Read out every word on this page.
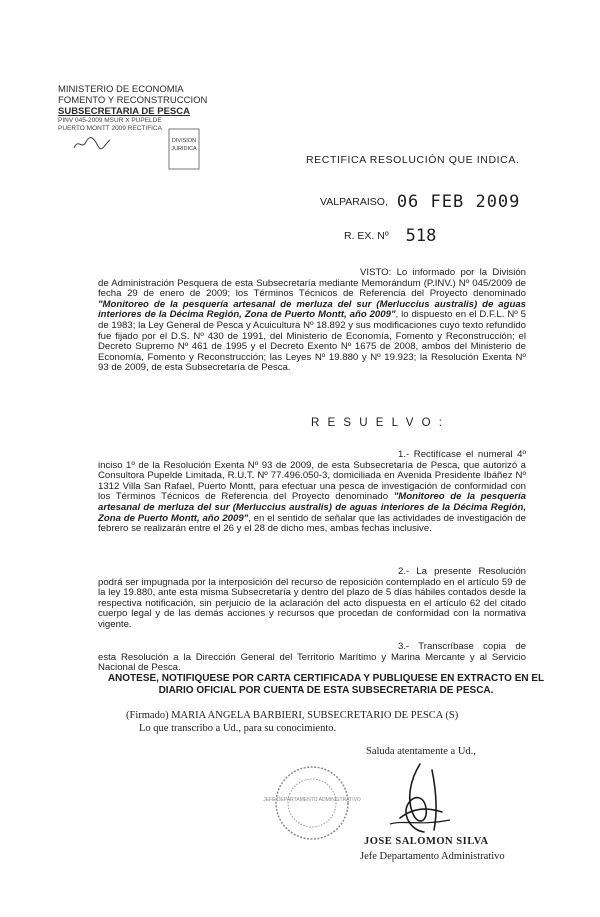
MINISTERIO DE ECONOMIA
FOMENTO Y RECONSTRUCCION
SUBSECRETARIA DE PESCA
PINV 045-2009 MSUR X PUPELDE
PUERTO MONTT 2009 RECTIFICA
DIVISION
JURIDICA
RECTIFICA RESOLUCIÓN QUE INDICA.
VALPARAISO, 06 FEB 2009
R. EX. Nº 518
VISTO: Lo informado por la División de Administración Pesquera de esta Subsecretaría mediante Memorándum (P.INV.) Nº 045/2009 de fecha 29 de enero de 2009; los Términos Técnicos de Referencia del Proyecto denominado "Monitoreo de la pesquería artesanal de merluza del sur (Merluccius australis) de aguas interiores de la Décima Región, Zona de Puerto Montt, año 2009", lo dispuesto en el D.F.L. Nº 5 de 1983; la Ley General de Pesca y Acuicultura Nº 18.892 y sus modificaciones cuyo texto refundido fue fijado por el D.S. Nº 430 de 1991, del Ministerio de Economía, Fomento y Reconstrucción; el Decreto Supremo Nº 461 de 1995 y el Decreto Exento Nº 1675 de 2008, ambos del Ministerio de Economía, Fomento y Reconstrucción; las Leyes Nº 19.880 y Nº 19.923; la Resolución Exenta Nº 93 de 2009, de esta Subsecretaría de Pesca.
R E S U E L V O :
1.- Rectifícase el numeral 4º inciso 1º de la Resolución Exenta Nº 93 de 2009, de esta Subsecretaría de Pesca, que autorizó a Consultora Pupelde Limitada, R.U.T. Nº 77.496.050-3, domiciliada en Avenida Presidente Ibáñez Nº 1312 Villa San Rafael, Puerto Montt, para efectuar una pesca de investigación de conformidad con los Términos Técnicos de Referencia del Proyecto denominado "Monitoreo de la pesquería artesanal de merluza del sur (Merluccius australis) de aguas interiores de la Décima Región, Zona de Puerto Montt, año 2009", en el sentido de señalar que las actividades de investigación de febrero se realizarán entre el 26 y el 28 de dicho mes, ambas fechas inclusive.
2.- La presente Resolución podrá ser impugnada por la interposición del recurso de reposición contemplado en el artículo 59 de la ley 19.880, ante esta misma Subsecretaría y dentro del plazo de 5 días hábiles contados desde la respectiva notificación, sin perjuicio de la aclaración del acto dispuesta en el artículo 62 del citado cuerpo legal y de las demás acciones y recursos que procedan de conformidad con la normativa vigente.
3.- Transcríbase copia de esta Resolución a la Dirección General del Territorio Marítimo y Marina Mercante y al Servicio Nacional de Pesca.
ANOTESE, NOTIFIQUESE POR CARTA CERTIFICADA Y PUBLIQUESE EN EXTRACTO EN EL DIARIO OFICIAL POR CUENTA DE ESTA SUBSECRETARIA DE PESCA.
(Firmado) MARIA ANGELA BARBIERI, SUBSECRETARIO DE PESCA (S)
Lo que transcribo a Ud., para su conocimiento.
Saluda atentamente a Ud.,
JEFE DEPARTAMENTO ADMINISTRATIVO
JOSE SALOMON SILVA
Jefe Departamento Administrativo
